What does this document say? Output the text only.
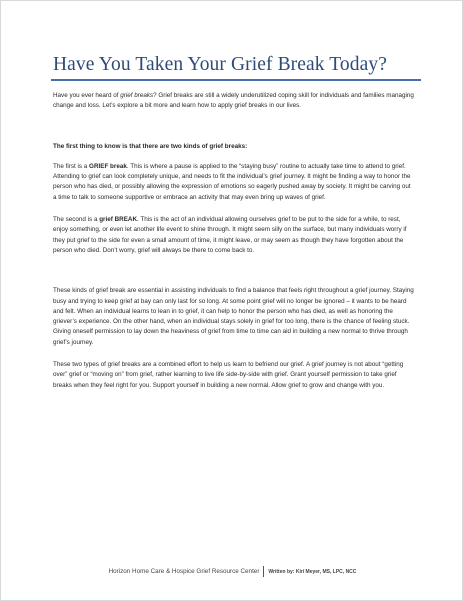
Have You Taken Your Grief Break Today?

Have you ever heard of grief breaks? Grief breaks are still a widely underutilized coping skill for individuals and families managing change and loss. Let’s explore a bit more and learn how to apply grief breaks in our lives.

The first thing to know is that there are two kinds of grief breaks:

The first is a GRIEF break. This is where a pause is applied to the “staying busy” routine to actually take time to attend to grief. Attending to grief can look completely unique, and needs to fit the individual’s grief journey. It might be finding a way to honor the person who has died, or possibly allowing the expression of emotions so eagerly pushed away by society. It might be carving out a time to talk to someone supportive or embrace an activity that may even bring up waves of grief.

The second is a grief BREAK. This is the act of an individual allowing ourselves grief to be put to the side for a while, to rest, enjoy something, or even let another life event to shine through. It might seem silly on the surface, but many individuals worry if they put grief to the side for even a small amount of time, it might leave, or may seem as though they have forgotten about the person who died. Don’t worry, grief will always be there to come back to.

These kinds of grief break are essential in assisting individuals to find a balance that feels right throughout a grief journey. Staying busy and trying to keep grief at bay can only last for so long. At some point grief will no longer be ignored – it wants to be heard and felt. When an individual learns to lean in to grief, it can help to honor the person who has died, as well as honoring the griever’s experience. On the other hand, when an individual stays solely in grief for too long, there is the chance of feeling stuck. Giving oneself permission to lay down the heaviness of grief from time to time can aid in building a new normal to thrive through grief’s journey.

These two types of grief breaks are a combined effort to help us learn to befriend our grief. A grief journey is not about “getting over” grief or “moving on” from grief, rather learning to live life side-by-side with grief. Grant yourself permission to take grief breaks when they feel right for you. Support yourself in building a new normal. Allow grief to grow and change with you.

Horizon Home Care & Hospice Grief Resource Center Written by: Kiri Meyer, MS, LPC, NCC
